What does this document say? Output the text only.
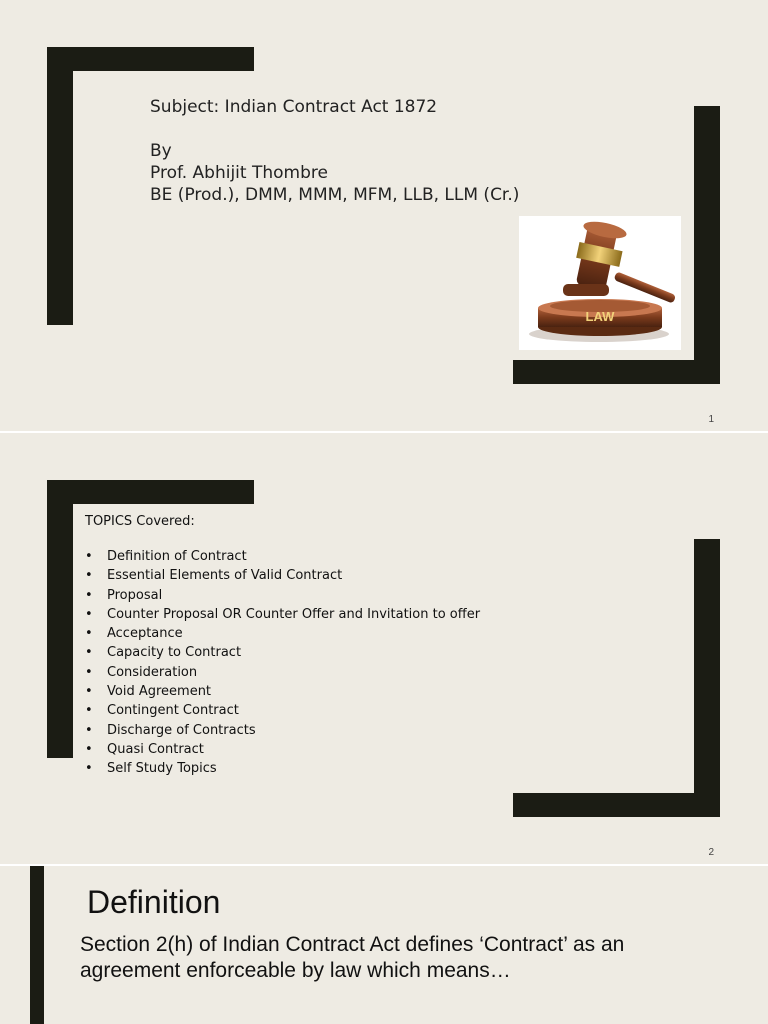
Subject: Indian Contract Act 1872
By
Prof. Abhijit Thombre
BE (Prod.), DMM, MMM, MFM, LLB, LLM (Cr.)
LAW
1
2
TOPICS Covered:
• Definition of Contract
• Essential Elements of Valid Contract
• Proposal
• Counter Proposal OR Counter Offer and Invitation to offer
• Acceptance
• Capacity to Contract
• Consideration
• Void Agreement
• Contingent Contract
• Discharge of Contracts
• Quasi Contract
• Self Study Topics
Definition
Section 2(h) of Indian Contract Act defines ‘Contract’ as an agreement enforceable by law which means…
